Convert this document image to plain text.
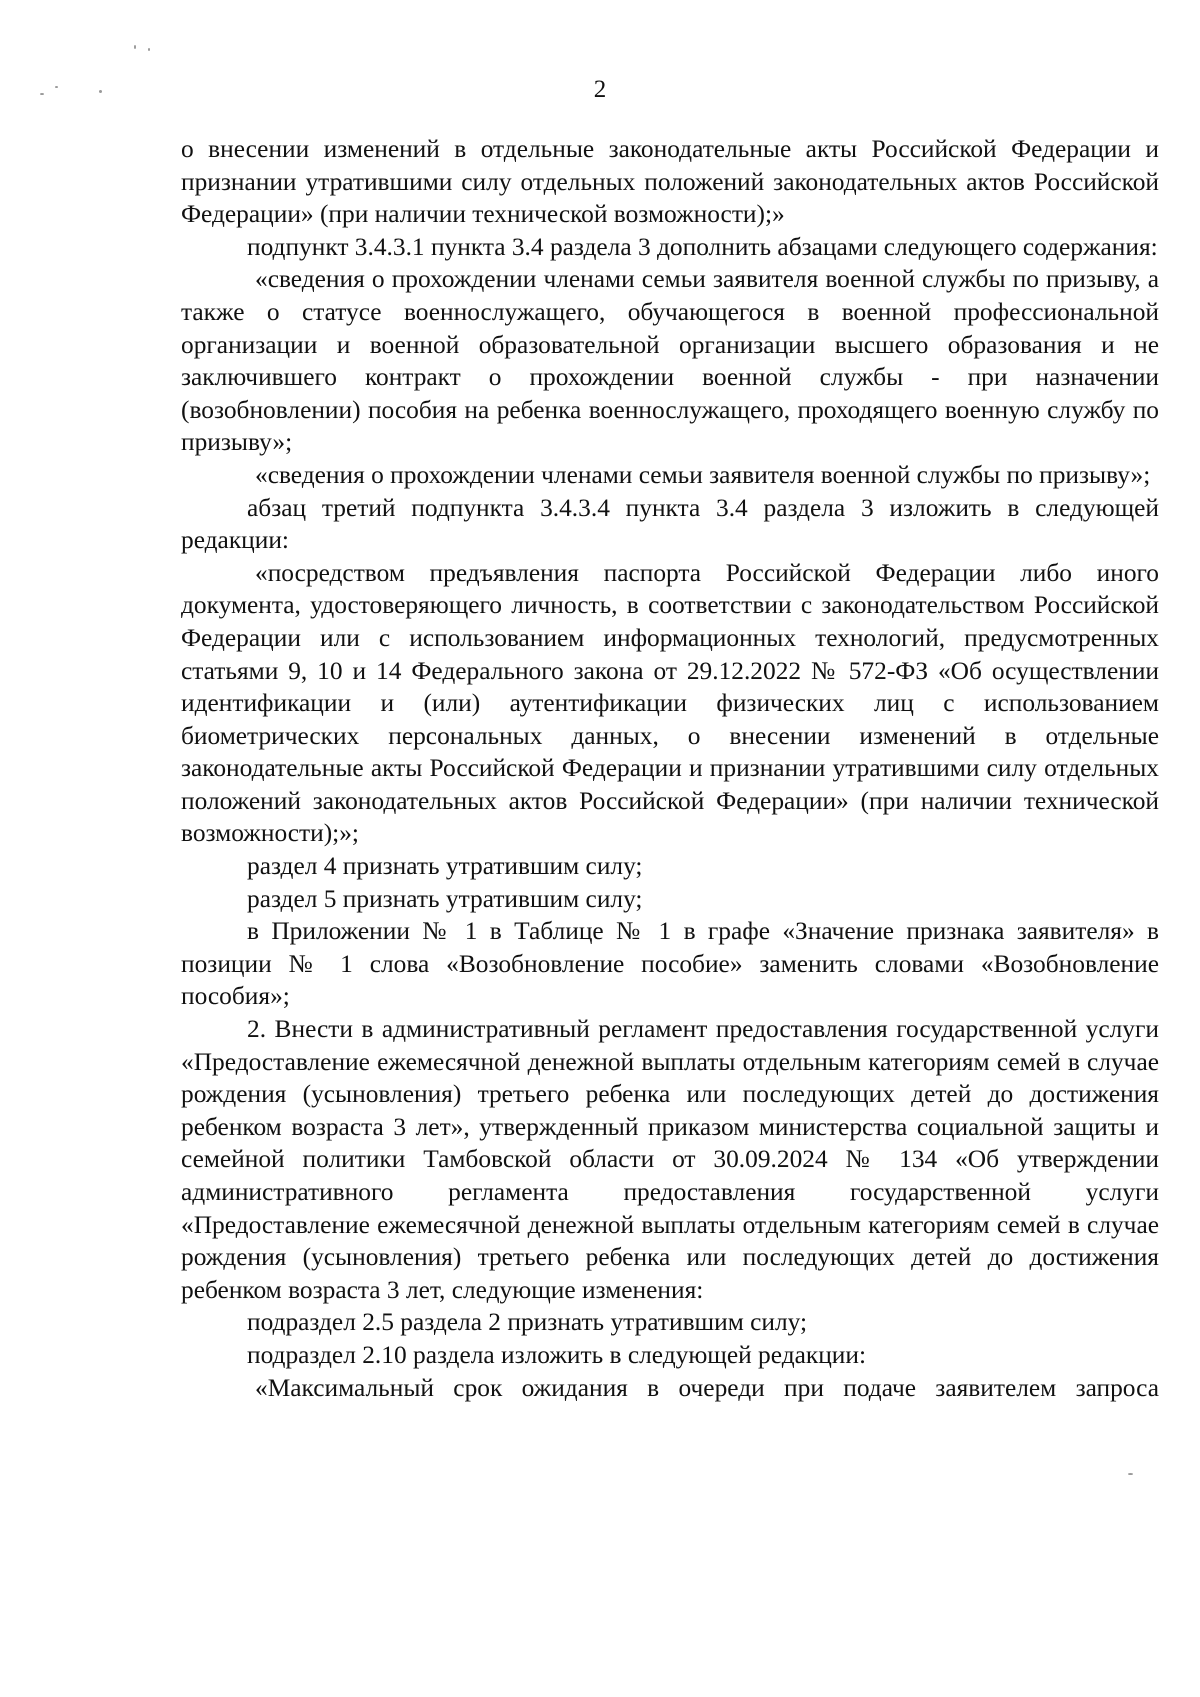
2

о внесении изменений в отдельные законодательные акты Российской Федерации и признании утратившими силу отдельных положений законодательных актов Российской Федерации» (при наличии технической возможности);»

подпункт 3.4.3.1 пункта 3.4 раздела 3 дополнить абзацами следующего содержания:

«сведения о прохождении членами семьи заявителя военной службы по призыву, а также о статусе военнослужащего, обучающегося в военной профессиональной организации и военной образовательной организации высшего образования и не заключившего контракт о прохождении военной службы - при назначении (возобновлении) пособия на ребенка военнослужащего, проходящего военную службу по призыву»;

«сведения о прохождении членами семьи заявителя военной службы по призыву»;

абзац третий подпункта 3.4.3.4 пункта 3.4 раздела 3 изложить в следующей редакции:

«посредством предъявления паспорта Российской Федерации либо иного документа, удостоверяющего личность, в соответствии с законодательством Российской Федерации или с использованием информационных технологий, предусмотренных статьями 9, 10 и 14 Федерального закона от 29.12.2022 № 572-ФЗ «Об осуществлении идентификации и (или) аутентификации физических лиц с использованием биометрических персональных данных, о внесении изменений в отдельные законодательные акты Российской Федерации и признании утратившими силу отдельных положений законодательных актов Российской Федерации» (при наличии технической возможности);»;

раздел 4 признать утратившим силу;

раздел 5 признать утратившим силу;

в Приложении № 1 в Таблице № 1 в графе «Значение признака заявителя» в позиции № 1 слова «Возобновление пособие» заменить словами «Возобновление пособия»;

2. Внести в административный регламент предоставления государственной услуги «Предоставление ежемесячной денежной выплаты отдельным категориям семей в случае рождения (усыновления) третьего ребенка или последующих детей до достижения ребенком возраста 3 лет», утвержденный приказом министерства социальной защиты и семейной политики Тамбовской области от 30.09.2024 № 134 «Об утверждении административного регламента предоставления государственной услуги «Предоставление ежемесячной денежной выплаты отдельным категориям семей в случае рождения (усыновления) третьего ребенка или последующих детей до достижения ребенком возраста 3 лет, следующие изменения:

подраздел 2.5 раздела 2 признать утратившим силу;

подраздел 2.10 раздела изложить в следующей редакции:

«Максимальный срок ожидания в очереди при подаче заявителем запроса
